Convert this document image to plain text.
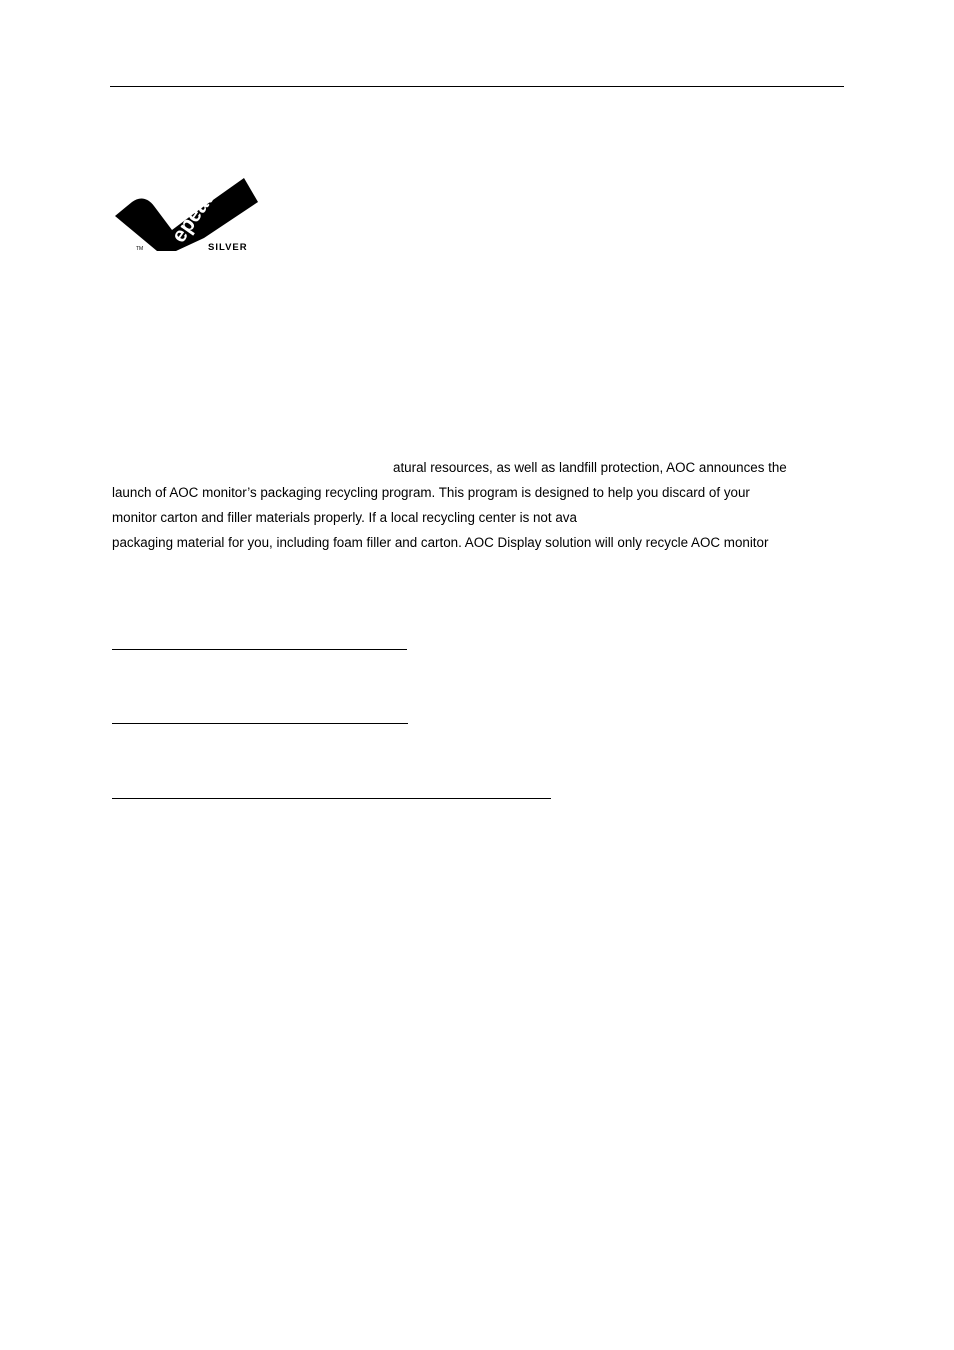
epeat
TM	SILVER

atural resources, as well as landfill protection, AOC announces the

launch of AOC monitor’s packaging recycling program. This program is designed to help you discard of your

monitor carton and filler materials properly. If a local recycling center is not ava

packaging material for you, including foam filler and carton. AOC Display solution will only recycle AOC monitor
